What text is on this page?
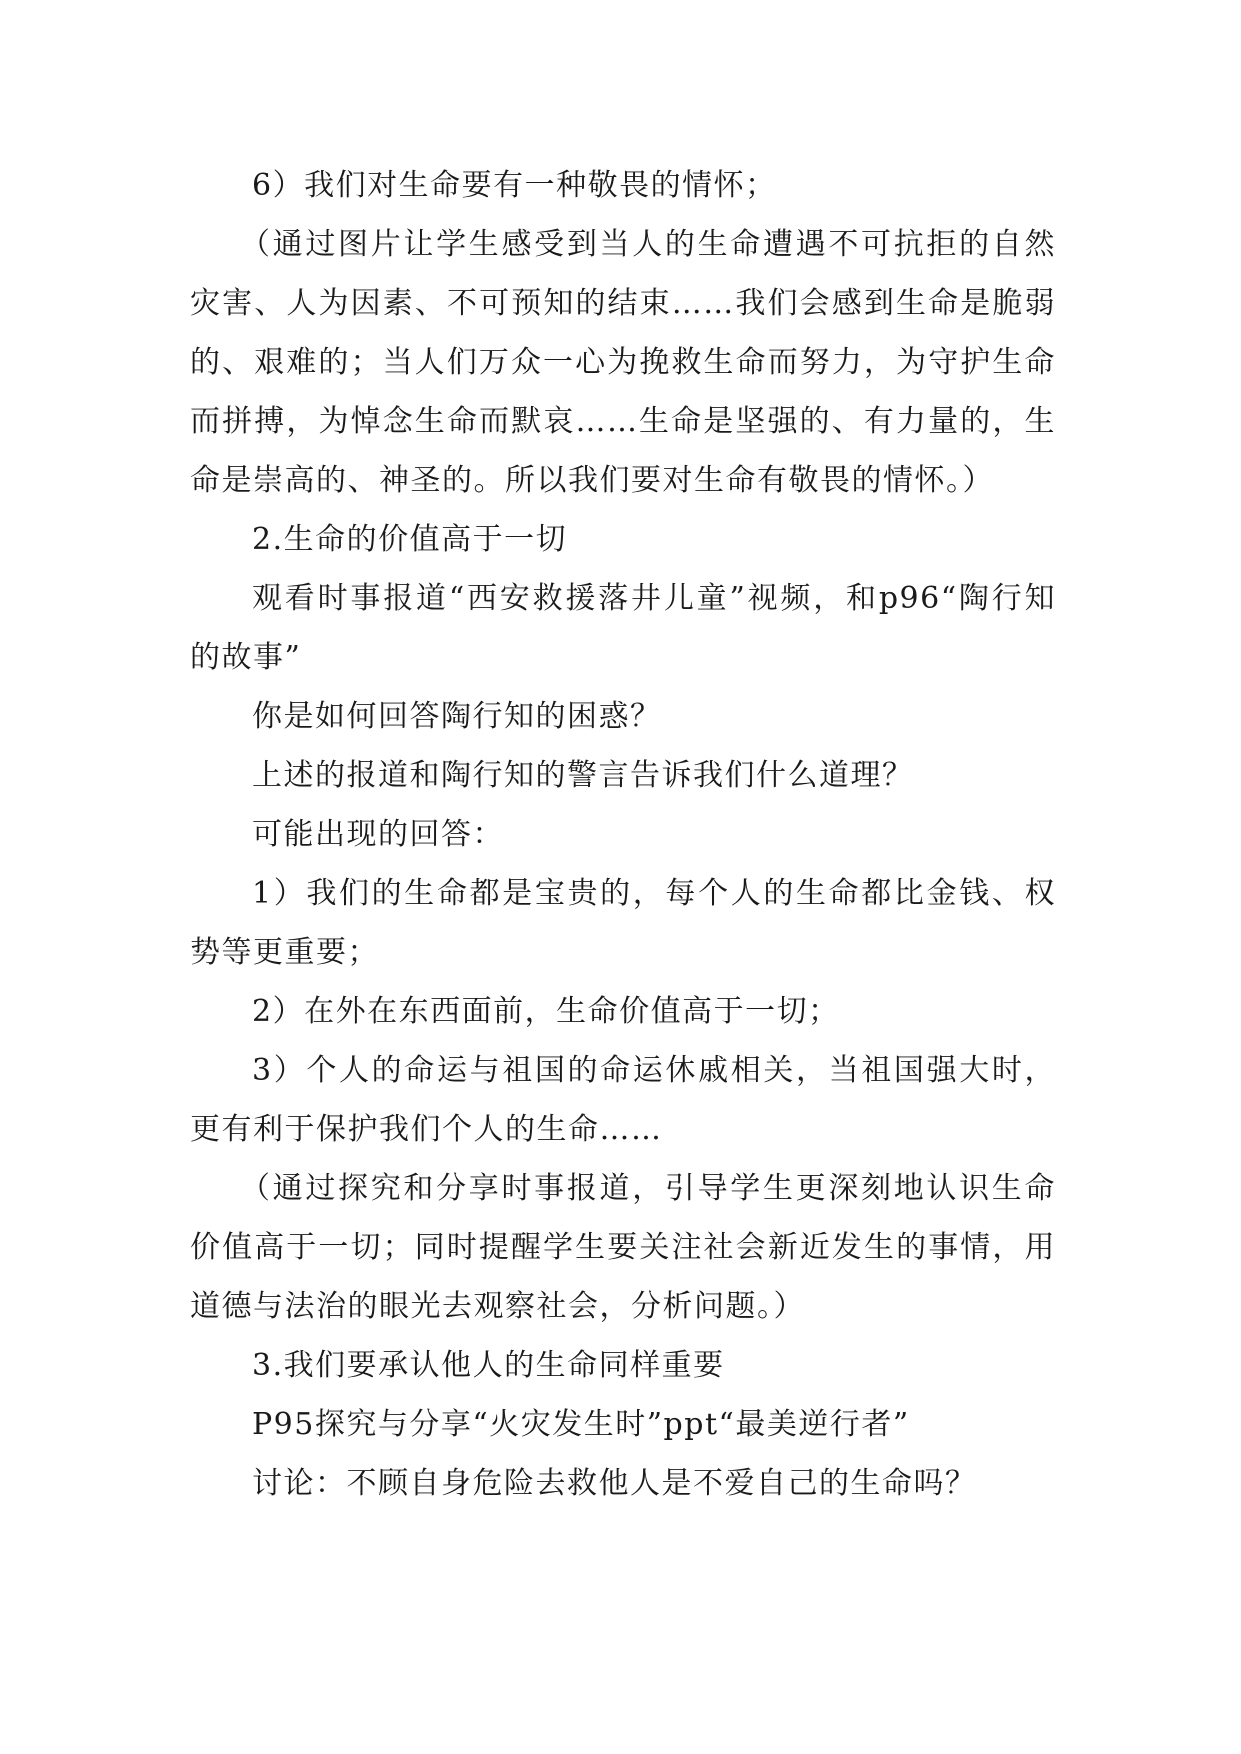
6）我们对生命要有一种敬畏的情怀；

（通过图片让学生感受到当人的生命遭遇不可抗拒的自然灾害、人为因素、不可预知的结束……我们会感到生命是脆弱的、艰难的；当人们万众一心为挽救生命而努力，为守护生命而拼搏，为悼念生命而默哀……生命是坚强的、有力量的，生命是崇高的、神圣的。所以我们要对生命有敬畏的情怀。）

2.生命的价值高于一切

观看时事报道“西安救援落井儿童”视频，和p96“陶行知的故事”

你是如何回答陶行知的困惑？

上述的报道和陶行知的警言告诉我们什么道理？

可能出现的回答：

1）我们的生命都是宝贵的，每个人的生命都比金钱、权势等更重要；

2）在外在东西面前，生命价值高于一切；

3）个人的命运与祖国的命运休戚相关，当祖国强大时，更有利于保护我们个人的生命……

（通过探究和分享时事报道，引导学生更深刻地认识生命价值高于一切；同时提醒学生要关注社会新近发生的事情，用道德与法治的眼光去观察社会，分析问题。）

3.我们要承认他人的生命同样重要

P95探究与分享“火灾发生时”ppt“最美逆行者”

讨论：不顾自身危险去救他人是不爱自己的生命吗？
